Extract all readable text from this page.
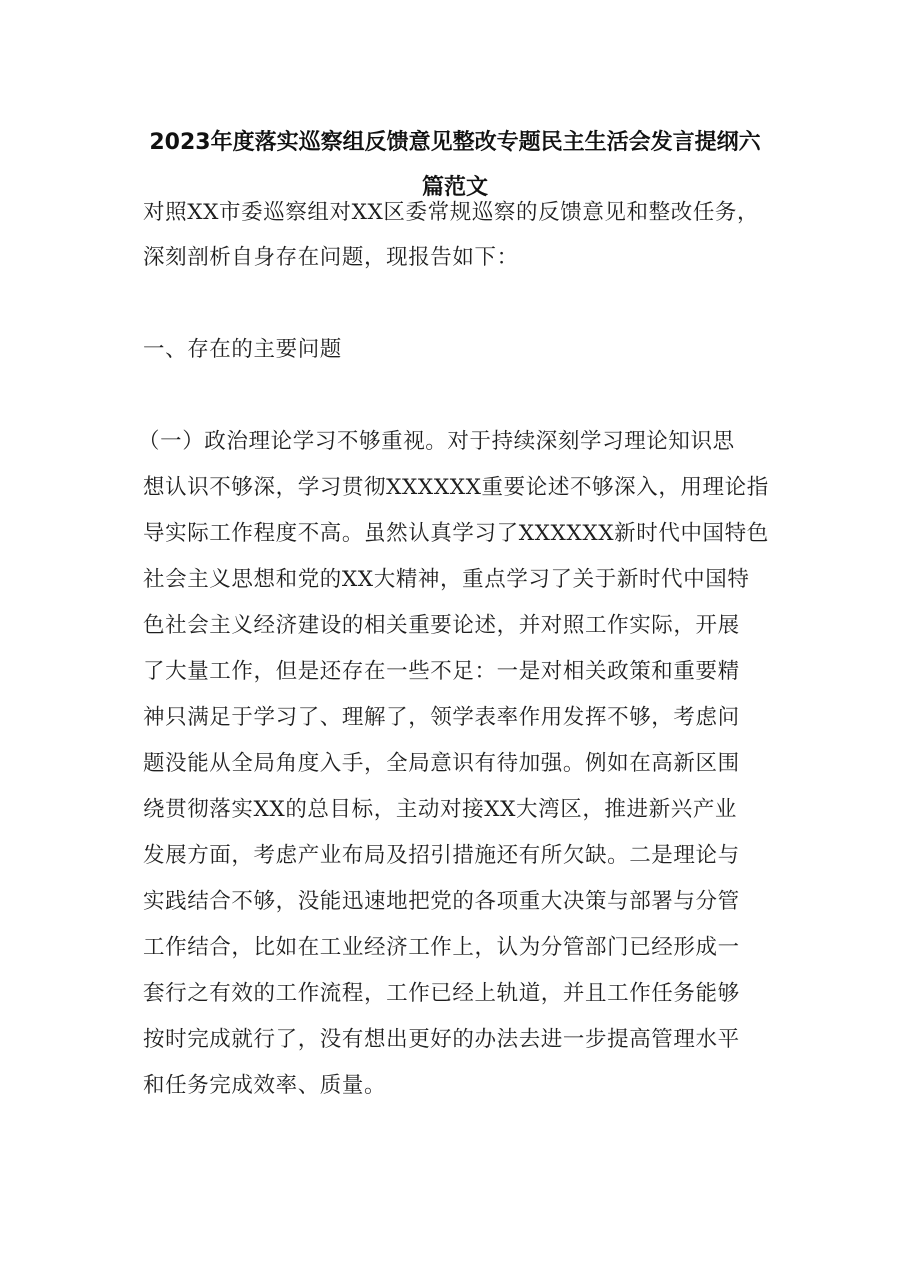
2023年度落实巡察组反馈意见整改专题民主生活会发言提纲六
篇范文
对照XX市委巡察组对XX区委常规巡察的反馈意见和整改任务，
深刻剖析自身存在问题，现报告如下：
一、存在的主要问题
（一）政治理论学习不够重视。对于持续深刻学习理论知识思
想认识不够深，学习贯彻XXXXXX重要论述不够深入，用理论指
导实际工作程度不高。虽然认真学习了XXXXXX新时代中国特色
社会主义思想和党的XX大精神，重点学习了关于新时代中国特
色社会主义经济建设的相关重要论述，并对照工作实际，开展
了大量工作，但是还存在一些不足：一是对相关政策和重要精
神只满足于学习了、理解了，领学表率作用发挥不够，考虑问
题没能从全局角度入手，全局意识有待加强。例如在高新区围
绕贯彻落实XX的总目标，主动对接XX大湾区，推进新兴产业
发展方面，考虑产业布局及招引措施还有所欠缺。二是理论与
实践结合不够，没能迅速地把党的各项重大决策与部署与分管
工作结合，比如在工业经济工作上，认为分管部门已经形成一
套行之有效的工作流程，工作已经上轨道，并且工作任务能够
按时完成就行了，没有想出更好的办法去进一步提高管理水平
和任务完成效率、质量。
